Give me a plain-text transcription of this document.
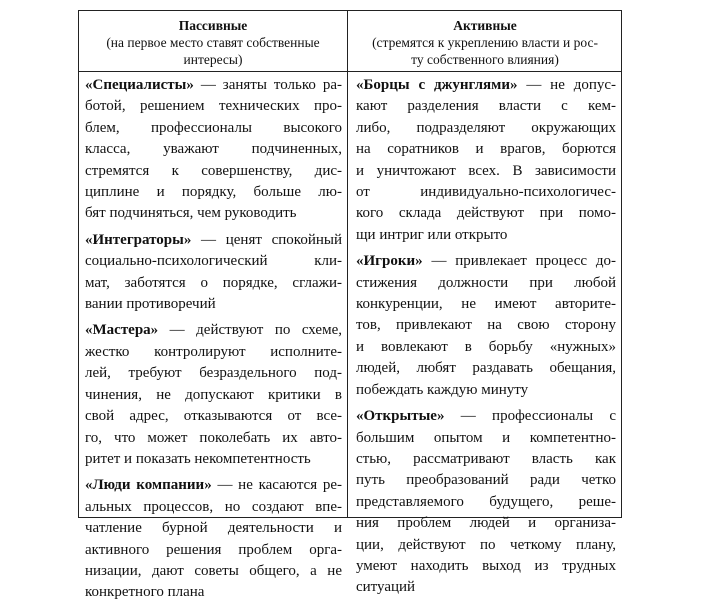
Пассивные
(на первое место ставят собственные
интересы)
Активные
(стремятся к укреплению власти и рос-
ту собственного влияния)
«Специалисты» — заняты только ра-
ботой, решением технических про-
блем, профессионалы высокого
класса, уважают подчиненных,
стремятся к совершенству, дис-
циплине и порядку, больше лю-
бят подчиняться, чем руководить
«Интеграторы» — ценят спокойный
социально-психологический кли-
мат, заботятся о порядке, сглажи-
вании противоречий
«Мастера» — действуют по схеме,
жестко контролируют исполните-
лей, требуют безраздельного под-
чинения, не допускают критики в
свой адрес, отказываются от все-
го, что может поколебать их авто-
ритет и показать некомпетентность
«Люди компании» — не касаются ре-
альных процессов, но создают впе-
чатление бурной деятельности и
активного решения проблем орга-
низации, дают советы общего, а не
конкретного плана
«Борцы с джунглями» — не допус-
кают разделения власти с кем-
либо, подразделяют окружающих
на соратников и врагов, борются
и уничтожают всех. В зависимости
от индивидуально-психологичес-
кого склада действуют при помо-
щи интриг или открыто
«Игроки» — привлекает процесс до-
стижения должности при любой
конкуренции, не имеют авторите-
тов, привлекают на свою сторону
и вовлекают в борьбу «нужных»
людей, любят раздавать обещания,
побеждать каждую минуту
«Открытые» — профессионалы с
большим опытом и компетентно-
стью, рассматривают власть как
путь преобразований ради четко
представляемого будущего, реше-
ния проблем людей и организа-
ции, действуют по четкому плану,
умеют находить выход из трудных
ситуаций
